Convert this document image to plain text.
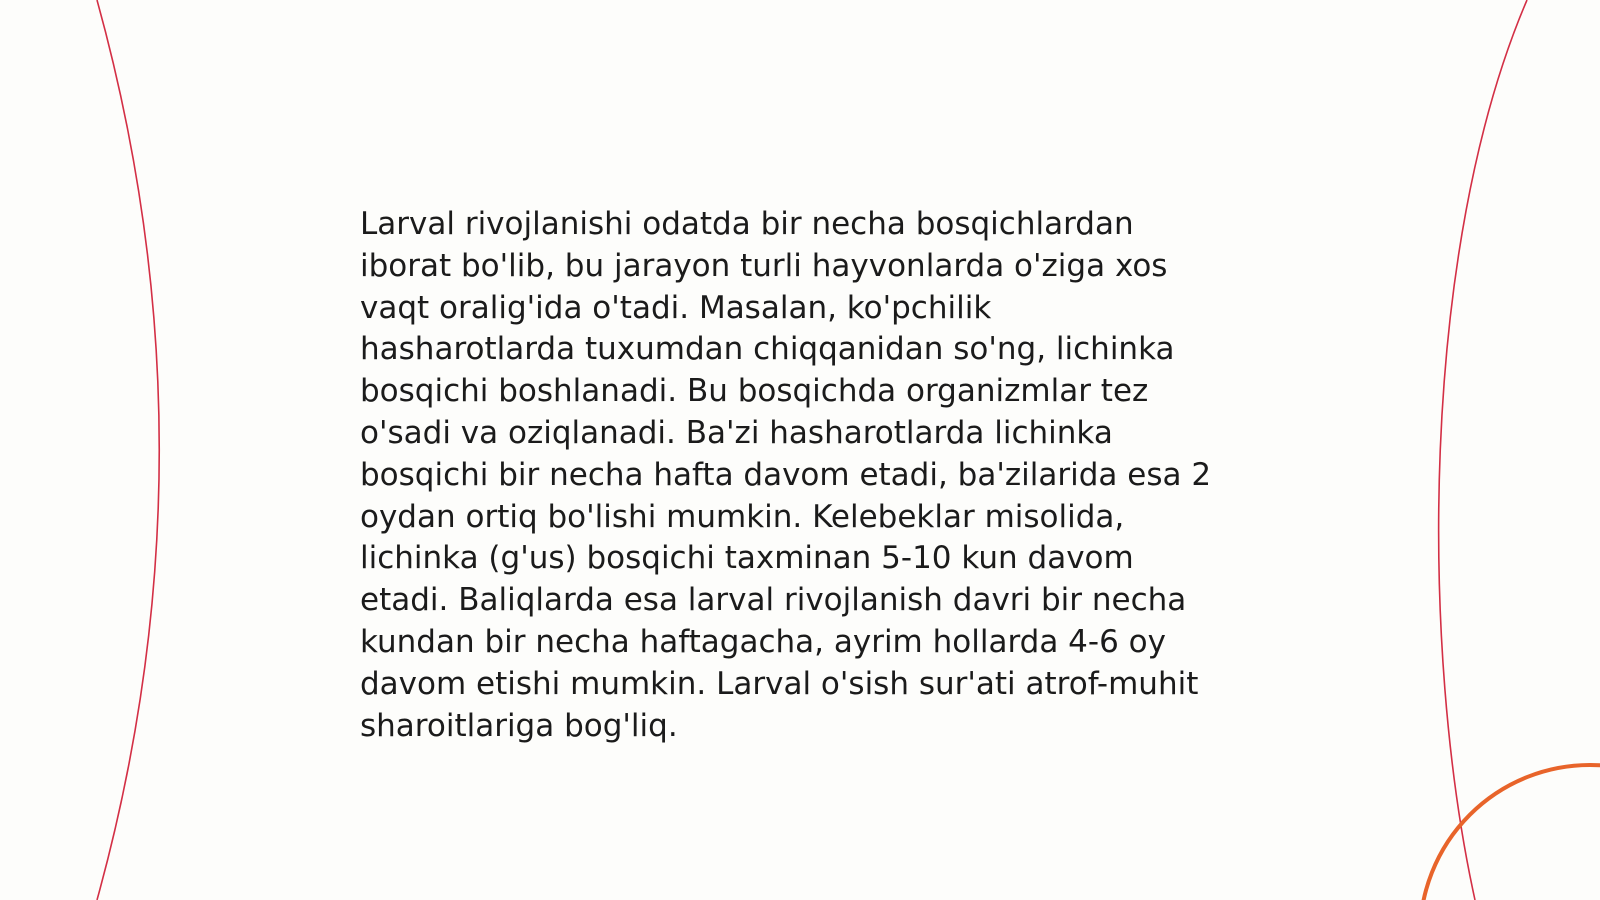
Larval rivojlanishi odatda bir necha bosqichlardan
iborat bo'lib, bu jarayon turli hayvonlarda o'ziga xos
vaqt oralig'ida o'tadi. Masalan, ko'pchilik
hasharotlarda tuxumdan chiqqanidan so'ng, lichinka
bosqichi boshlanadi. Bu bosqichda organizmlar tez
o'sadi va oziqlanadi. Ba'zi hasharotlarda lichinka
bosqichi bir necha hafta davom etadi, ba'zilarida esa 2
oydan ortiq bo'lishi mumkin. Kelebeklar misolida,
lichinka (g'us) bosqichi taxminan 5-10 kun davom
etadi. Baliqlarda esa larval rivojlanish davri bir necha
kundan bir necha haftagacha, ayrim hollarda 4-6 oy
davom etishi mumkin. Larval o'sish sur'ati atrof-muhit
sharoitlariga bog'liq.
